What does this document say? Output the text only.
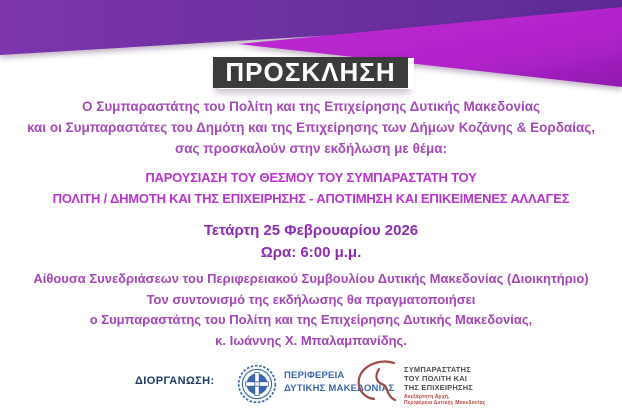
ΠΡΟΣΚΛΗΣΗ
Ο Συμπαραστάτης του Πολίτη και της Επιχείρησης Δυτικής Μακεδονίας
και οι Συμπαραστάτες του Δημότη και της Επιχείρησης των Δήμων Κοζάνης & Εορδαίας,
σας προσκαλούν στην εκδήλωση με θέμα:
ΠΑΡΟΥΣΙΑΣΗ ΤΟΥ ΘΕΣΜΟΥ ΤΟΥ ΣΥΜΠΑΡΑΣΤΑΤΗ ΤΟΥ
ΠΟΛΙΤΗ / ΔΗΜΟΤΗ ΚΑΙ ΤΗΣ ΕΠΙΧΕΙΡΗΣΗΣ - ΑΠΟΤΙΜΗΣΗ ΚΑΙ ΕΠΙΚΕΙΜΕΝΕΣ ΑΛΛΑΓΕΣ
Τετάρτη 25 Φεβρουαρίου 2026
Ωρα: 6:00 μ.μ.
Αίθουσα Συνεδριάσεων του Περιφερειακού Συμβουλίου Δυτικής Μακεδονίας (Διοικητήριο)
Τον συντονισμό της εκδήλωσης θα πραγματοποιήσει
ο Συμπαραστάτης του Πολίτη και της Επιχείρησης Δυτικής Μακεδονίας,
κ. Ιωάννης Χ. Μπαλαμπανίδης.
ΔΙΟΡΓΑΝΩΣΗ:	ΠΕΡΙΦΕΡΕΙΑ
ΔΥΤΙΚΗΣ ΜΑΚΕΔΟΝΙΑΣ
ΣΥΜΠΑΡΑΣΤΑΤΗΣ
ΤΟΥ ΠΟΛΙΤΗ ΚΑΙ
ΤΗΣ ΕΠΙΧΕΙΡΗΣΗΣ
Ανεξάρτητη Αρχή,
Περιφέρεια Δυτικής Μακεδονίας
